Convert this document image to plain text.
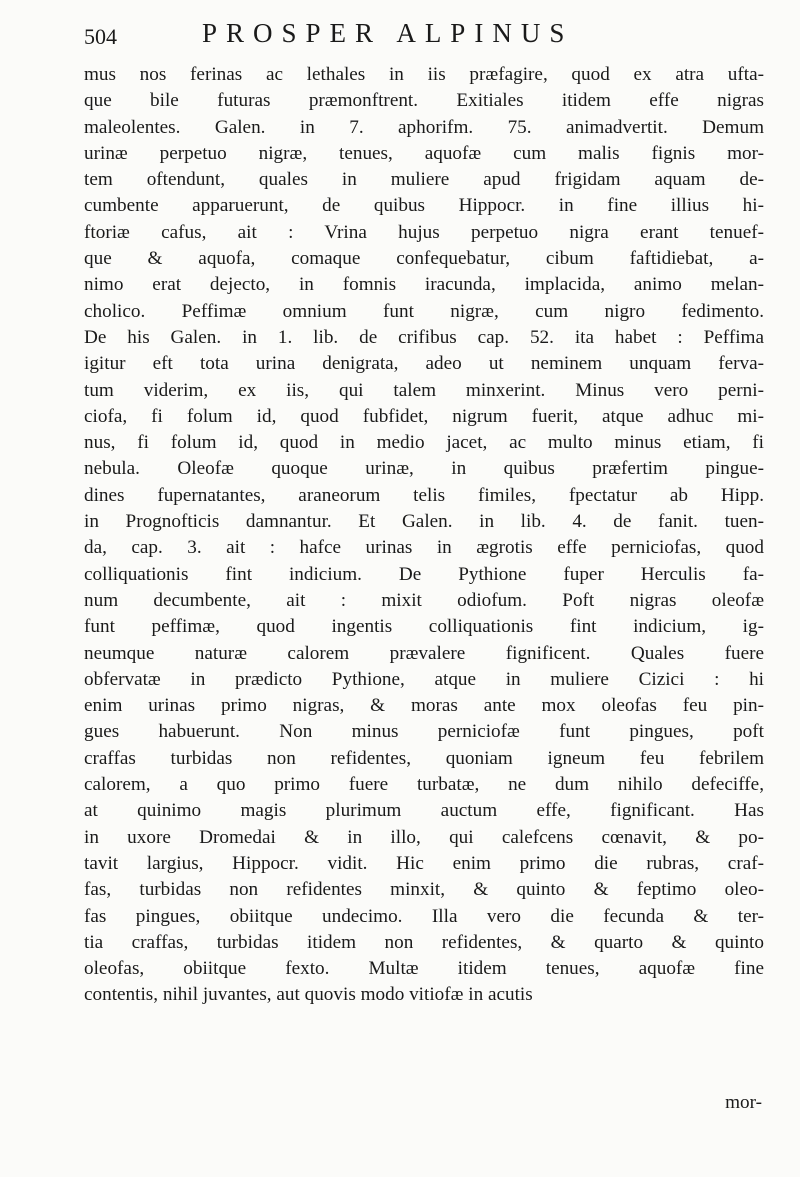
504	PROSPER ALPINUS
mus nos ferinas ac lethales in iis præfagire, quod ex atra ufta-
que bile futuras præmonftrent. Exitiales itidem effe nigras
maleolentes. Galen. in 7. aphorifm. 75. animadvertit. Demum
urinæ perpetuo nigræ, tenues, aquofæ cum malis fignis mor-
tem oftendunt, quales in muliere apud frigidam aquam de-
cumbente apparuerunt, de quibus Hippocr. in fine illius hi-
ftoriæ cafus, ait : Vrina hujus perpetuo nigra erant tenuef-
que & aquofa, comaque confequebatur, cibum faftidiebat, a-
nimo erat dejecto, in fomnis iracunda, implacida, animo melan-
cholico. Peffimæ omnium funt nigræ, cum nigro fedimento.
De his Galen. in 1. lib. de crifibus cap. 52. ita habet : Peffima
igitur eft tota urina denigrata, adeo ut neminem unquam ferva-
tum viderim, ex iis, qui talem minxerint. Minus vero perni-
ciofa, fi folum id, quod fubfidet, nigrum fuerit, atque adhuc mi-
nus, fi folum id, quod in medio jacet, ac multo minus etiam, fi
nebula. Oleofæ quoque urinæ, in quibus præfertim pingue-
dines fupernatantes, araneorum telis fimiles, fpectatur ab Hipp.
in Prognofticis damnantur. Et Galen. in lib. 4. de fanit. tuen-
da, cap. 3. ait : hafce urinas in ægrotis effe perniciofas, quod
colliquationis fint indicium. De Pythione fuper Herculis fa-
num decumbente, ait : mixit odiofum. Poft nigras oleofæ
funt peffimæ, quod ingentis colliquationis fint indicium, ig-
neumque naturæ calorem prævalere fignificent. Quales fuere
obfervatæ in prædicto Pythione, atque in muliere Cizici : hi
enim urinas primo nigras, & moras ante mox oleofas feu pin-
gues habuerunt. Non minus perniciofæ funt pingues, poft
craffas turbidas non refidentes, quoniam igneum feu febrilem
calorem, a quo primo fuere turbatæ, ne dum nihilo defeciffe,
at quinimo magis plurimum auctum effe, fignificant. Has
in uxore Dromedai & in illo, qui calefcens cœnavit, & po-
tavit largius, Hippocr. vidit. Hic enim primo die rubras, craf-
fas, turbidas non refidentes minxit, & quinto & feptimo oleo-
fas pingues, obiitque undecimo. Illa vero die fecunda & ter-
tia craffas, turbidas itidem non refidentes, & quarto & quinto
oleofas, obiitque fexto. Multæ itidem tenues, aquofæ fine
contentis, nihil juvantes, aut quovis modo vitiofæ in acutis
mor-
